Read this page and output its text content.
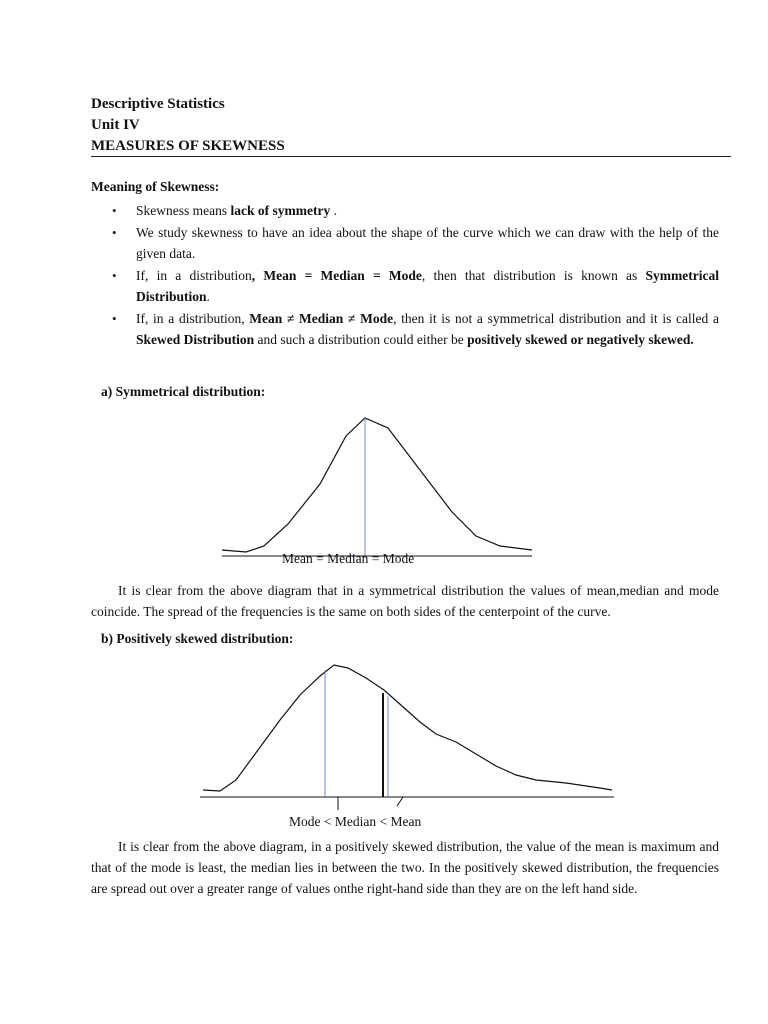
Descriptive Statistics
Unit IV
MEASURES OF SKEWNESS
Meaning of Skewness:
• Skewness means lack of symmetry .
• We study skewness to have an idea about the shape of the curve which we can draw with the help of the given data.
• If, in a distribution, Mean = Median = Mode, then that distribution is known as Symmetrical Distribution.
• If, in a distribution, Mean ≠ Median ≠ Mode, then it is not a symmetrical distribution and it is called a Skewed Distribution and such a distribution could either be positively skewed or negatively skewed.
a) Symmetrical distribution:
Mean = Median = Mode
Mode < Median < Mean

It is clear from the above diagram that in a symmetrical distribution the values of mean,median and mode coincide. The spread of the frequencies is the same on both sides of the centerpoint of the curve.

b) Positively skewed distribution:

It is clear from the above diagram, in a positively skewed distribution, the value of the mean is maximum and that of the mode is least, the median lies in between the two. In the positively skewed distribution, the frequencies are spread out over a greater range of values onthe right-hand side than they are on the left hand side.
